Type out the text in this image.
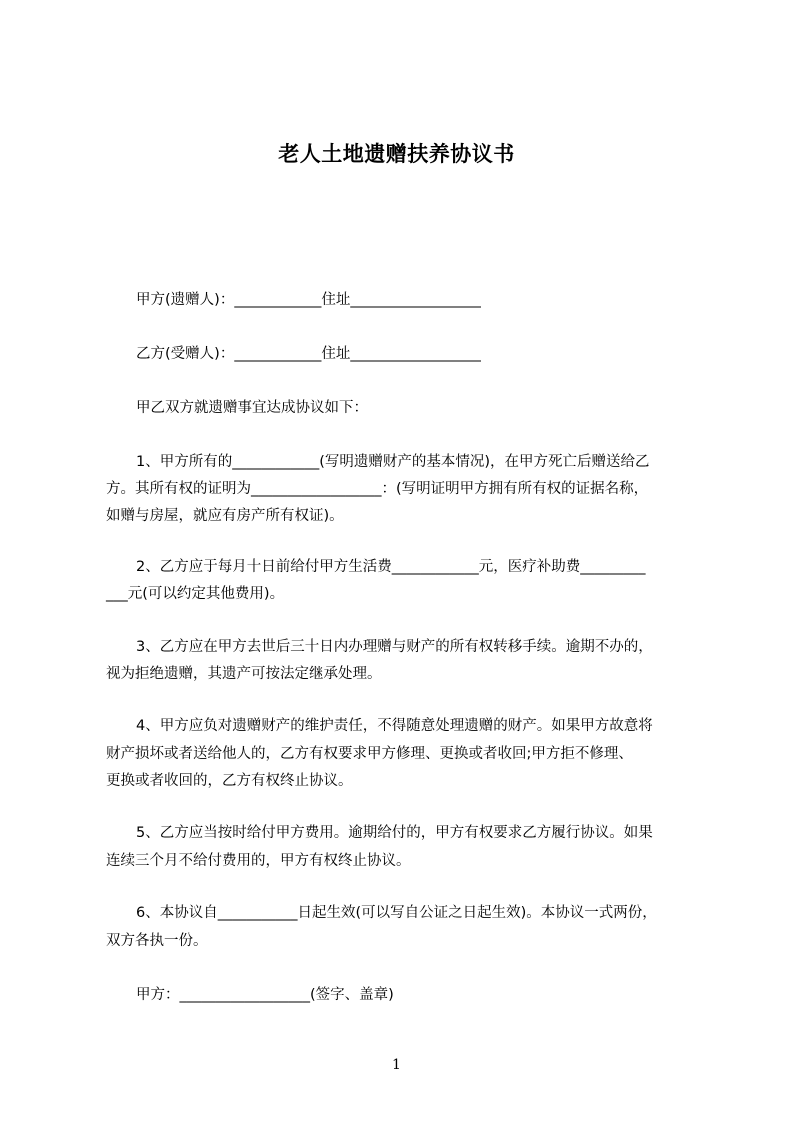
老人土地遗赠扶养协议书
甲方(遗赠人)：____________住址__________________
乙方(受赠人)：____________住址__________________
甲乙双方就遗赠事宜达成协议如下：
1、甲方所有的____________(写明遗赠财产的基本情况)，在甲方死亡后赠送给乙
方。其所有权的证明为__________________：(写明证明甲方拥有所有权的证据名称，
如赠与房屋，就应有房产所有权证)。
2、乙方应于每月十日前给付甲方生活费____________元，医疗补助费_________
___元(可以约定其他费用)。
3、乙方应在甲方去世后三十日内办理赠与财产的所有权转移手续。逾期不办的，
视为拒绝遗赠，其遗产可按法定继承处理。
4、甲方应负对遗赠财产的维护责任，不得随意处理遗赠的财产。如果甲方故意将
财产损坏或者送给他人的，乙方有权要求甲方修理、更换或者收回;甲方拒不修理、
更换或者收回的，乙方有权终止协议。
5、乙方应当按时给付甲方费用。逾期给付的，甲方有权要求乙方履行协议。如果
连续三个月不给付费用的，甲方有权终止协议。
6、本协议自___________日起生效(可以写自公证之日起生效)。本协议一式两份，
双方各执一份。
甲方：__________________(签字、盖章)
1
